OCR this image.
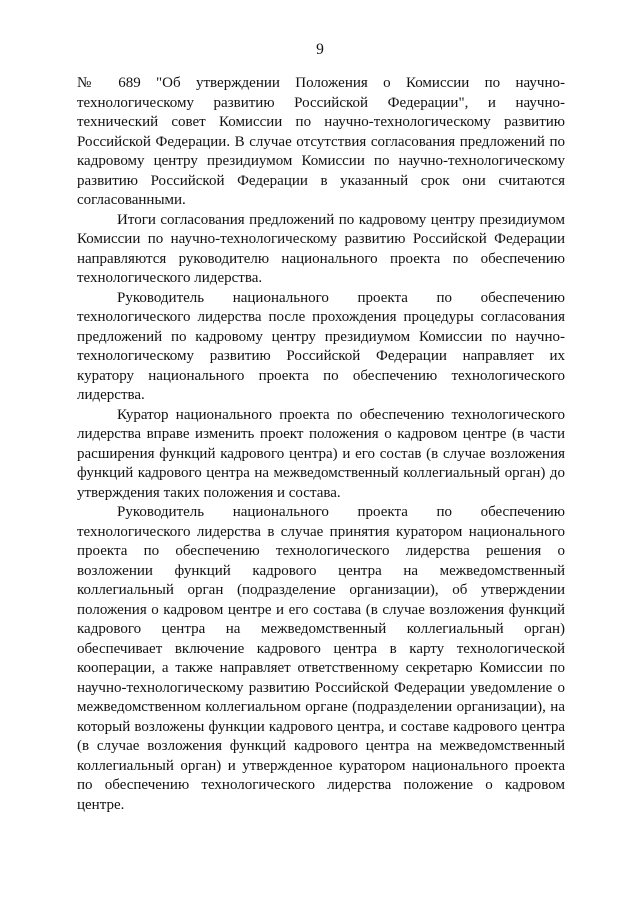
9

№ 689 "Об утверждении Положения о Комиссии по научно-технологическому развитию Российской Федерации", и научно-технический совет Комиссии по научно-технологическому развитию Российской Федерации. В случае отсутствия согласования предложений по кадровому центру президиумом Комиссии по научно-технологическому развитию Российской Федерации в указанный срок они считаются согласованными.

Итоги согласования предложений по кадровому центру президиумом Комиссии по научно-технологическому развитию Российской Федерации направляются руководителю национального проекта по обеспечению технологического лидерства.

Руководитель национального проекта по обеспечению технологического лидерства после прохождения процедуры согласования предложений по кадровому центру президиумом Комиссии по научно-технологическому развитию Российской Федерации направляет их куратору национального проекта по обеспечению технологического лидерства.

Куратор национального проекта по обеспечению технологического лидерства вправе изменить проект положения о кадровом центре (в части расширения функций кадрового центра) и его состав (в случае возложения функций кадрового центра на межведомственный коллегиальный орган) до утверждения таких положения и состава.

Руководитель национального проекта по обеспечению технологического лидерства в случае принятия куратором национального проекта по обеспечению технологического лидерства решения о возложении функций кадрового центра на межведомственный коллегиальный орган (подразделение организации), об утверждении положения о кадровом центре и его состава (в случае возложения функций кадрового центра на межведомственный коллегиальный орган) обеспечивает включение кадрового центра в карту технологической кооперации, а также направляет ответственному секретарю Комиссии по научно-технологическому развитию Российской Федерации уведомление о межведомственном коллегиальном органе (подразделении организации), на который возложены функции кадрового центра, и составе кадрового центра (в случае возложения функций кадрового центра на межведомственный коллегиальный орган) и утвержденное куратором национального проекта по обеспечению технологического лидерства положение о кадровом центре.
